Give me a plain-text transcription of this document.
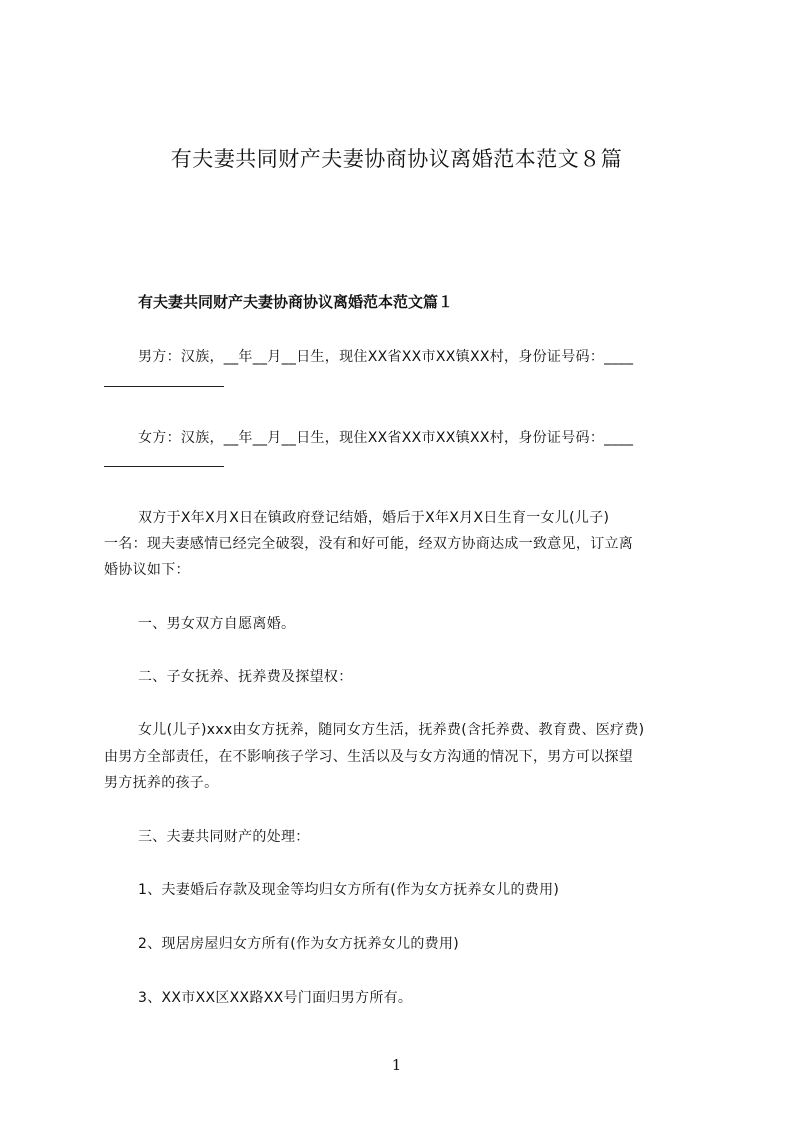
有夫妻共同财产夫妻协商协议离婚范本范文８篇
有夫妻共同财产夫妻协商协议离婚范本范文篇１
男方：汉族，__年__月__日生，现住XX省XX市XX镇XX村，身份证号码：____
女方：汉族，__年__月__日生，现住XX省XX市XX镇XX村，身份证号码：____
双方于X年X月X日在镇政府登记结婚，婚后于X年X月X日生育一女儿(儿子)
一名：现夫妻感情已经完全破裂，没有和好可能，经双方协商达成一致意见，订立离
婚协议如下：
一、男女双方自愿离婚。
二、子女抚养、抚养费及探望权：
女儿(儿子)xxx由女方抚养，随同女方生活，抚养费(含托养费、教育费、医疗费)
由男方全部责任，在不影响孩子学习、生活以及与女方沟通的情况下，男方可以探望
男方抚养的孩子。
三、夫妻共同财产的处理：
1、夫妻婚后存款及现金等均归女方所有(作为女方抚养女儿的费用)
2、现居房屋归女方所有(作为女方抚养女儿的费用)
3、XX市XX区XX路XX号门面归男方所有。
1
